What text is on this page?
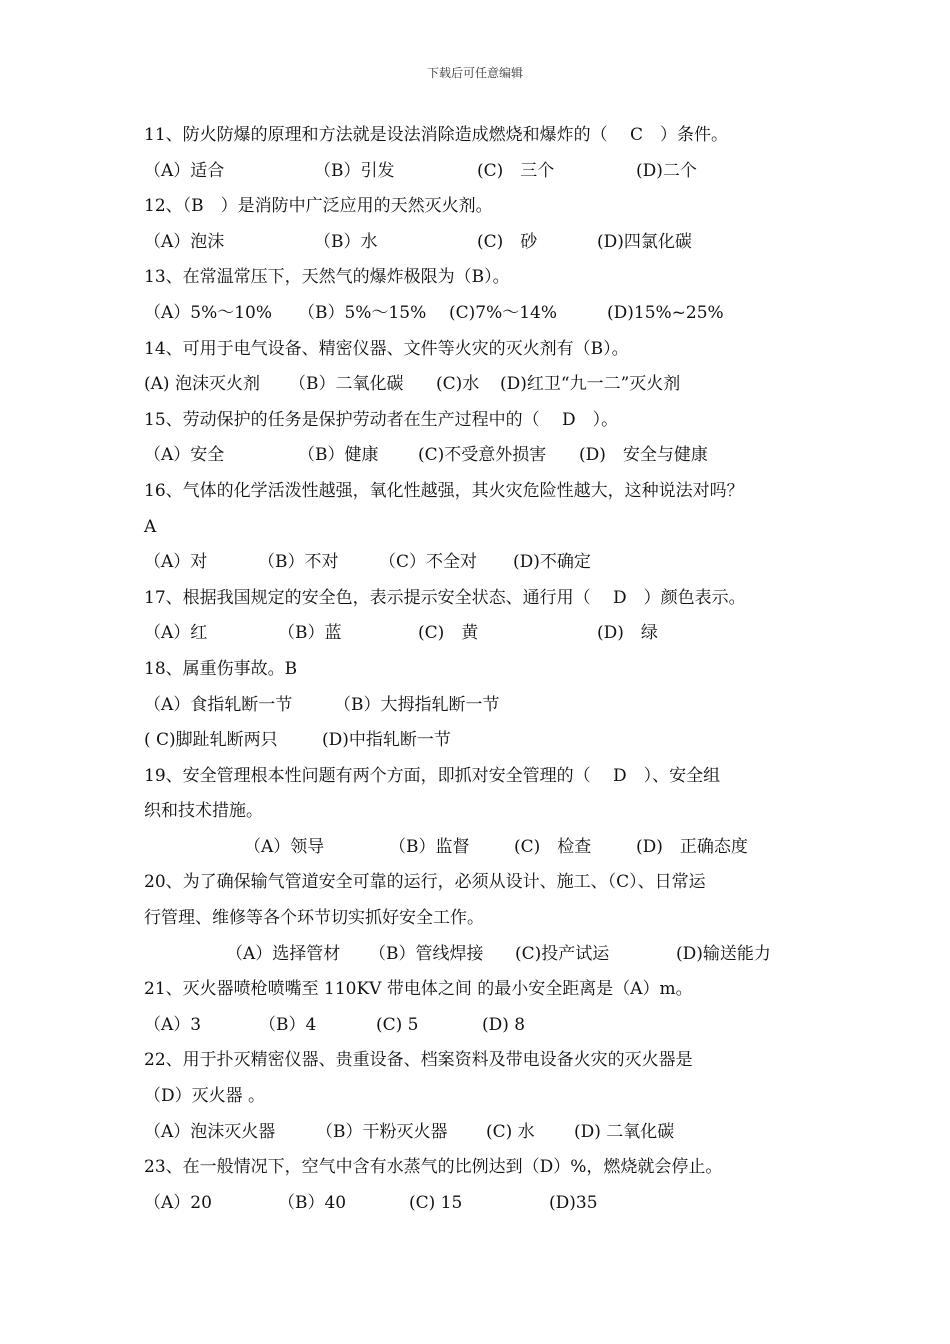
下载后可任意编辑
11、防火防爆的原理和方法就是设法消除造成燃烧和爆炸的（　 C　）条件。
（A）适合	（B）引发	(C)　三个	(D)二个
12、（B　）是消防中广泛应用的天然灭火剂。
（A）泡沫	（B）水	(C)　砂	(D)四氯化碳
13、在常温常压下，天然气的爆炸极限为（B）。
（A）5%～10% （B）5%～15% (C)7%～14%	(D)15%~25%
14、可用于电气设备、精密仪器、文件等火灾的灭火剂有（B）。
(A) 泡沫灭火剂 （B）二氧化碳 (C)水 (D)红卫“九一二”灭火剂
15、劳动保护的任务是保护劳动者在生产过程中的（　 D　）。
（A）安全	（B）健康 (C)不受意外损害 (D)　安全与健康
16、气体的化学活泼性越强，氧化性越强，其火灾危险性越大，这种说法对吗？
A
（A）对	（B）不对 （C）不全对 (D)不确定
17、根据我国规定的安全色，表示提示安全状态、通行用（　 D　）颜色表示。
（A）红	（B）蓝	(C)　黄	(D)　绿
18、属重伤事故。B
（A）食指轧断一节 （B）大拇指轧断一节
( C)脚趾轧断两只	(D)中指轧断一节
19、安全管理根本性问题有两个方面，即抓对安全管理的（　 D　）、安全组
织和技术措施。
（A）领导	（B）监督	(C)　检查	(D)　正确态度
20、为了确保输气管道安全可靠的运行，必须从设计、施工、（C）、日常运
行管理、维修等各个环节切实抓好安全工作。
（A）选择管材 （B）管线焊接 (C)投产试运	(D)输送能力
21、灭火器喷枪喷嘴至 110KV 带电体之间 的最小安全距离是（A）m。
（A）3	（B）4	(C) 5	(D) 8
22、用于扑灭精密仪器、贵重设备、档案资料及带电设备火灾的灭火器是
（D）灭火器 。
（A）泡沫灭火器 （B）干粉灭火器 (C) 水 (D) 二氧化碳
23、在一般情况下，空气中含有水蒸气的比例达到（D）%，燃烧就会停止。
（A）20	（B）40	(C) 15	(D)35
